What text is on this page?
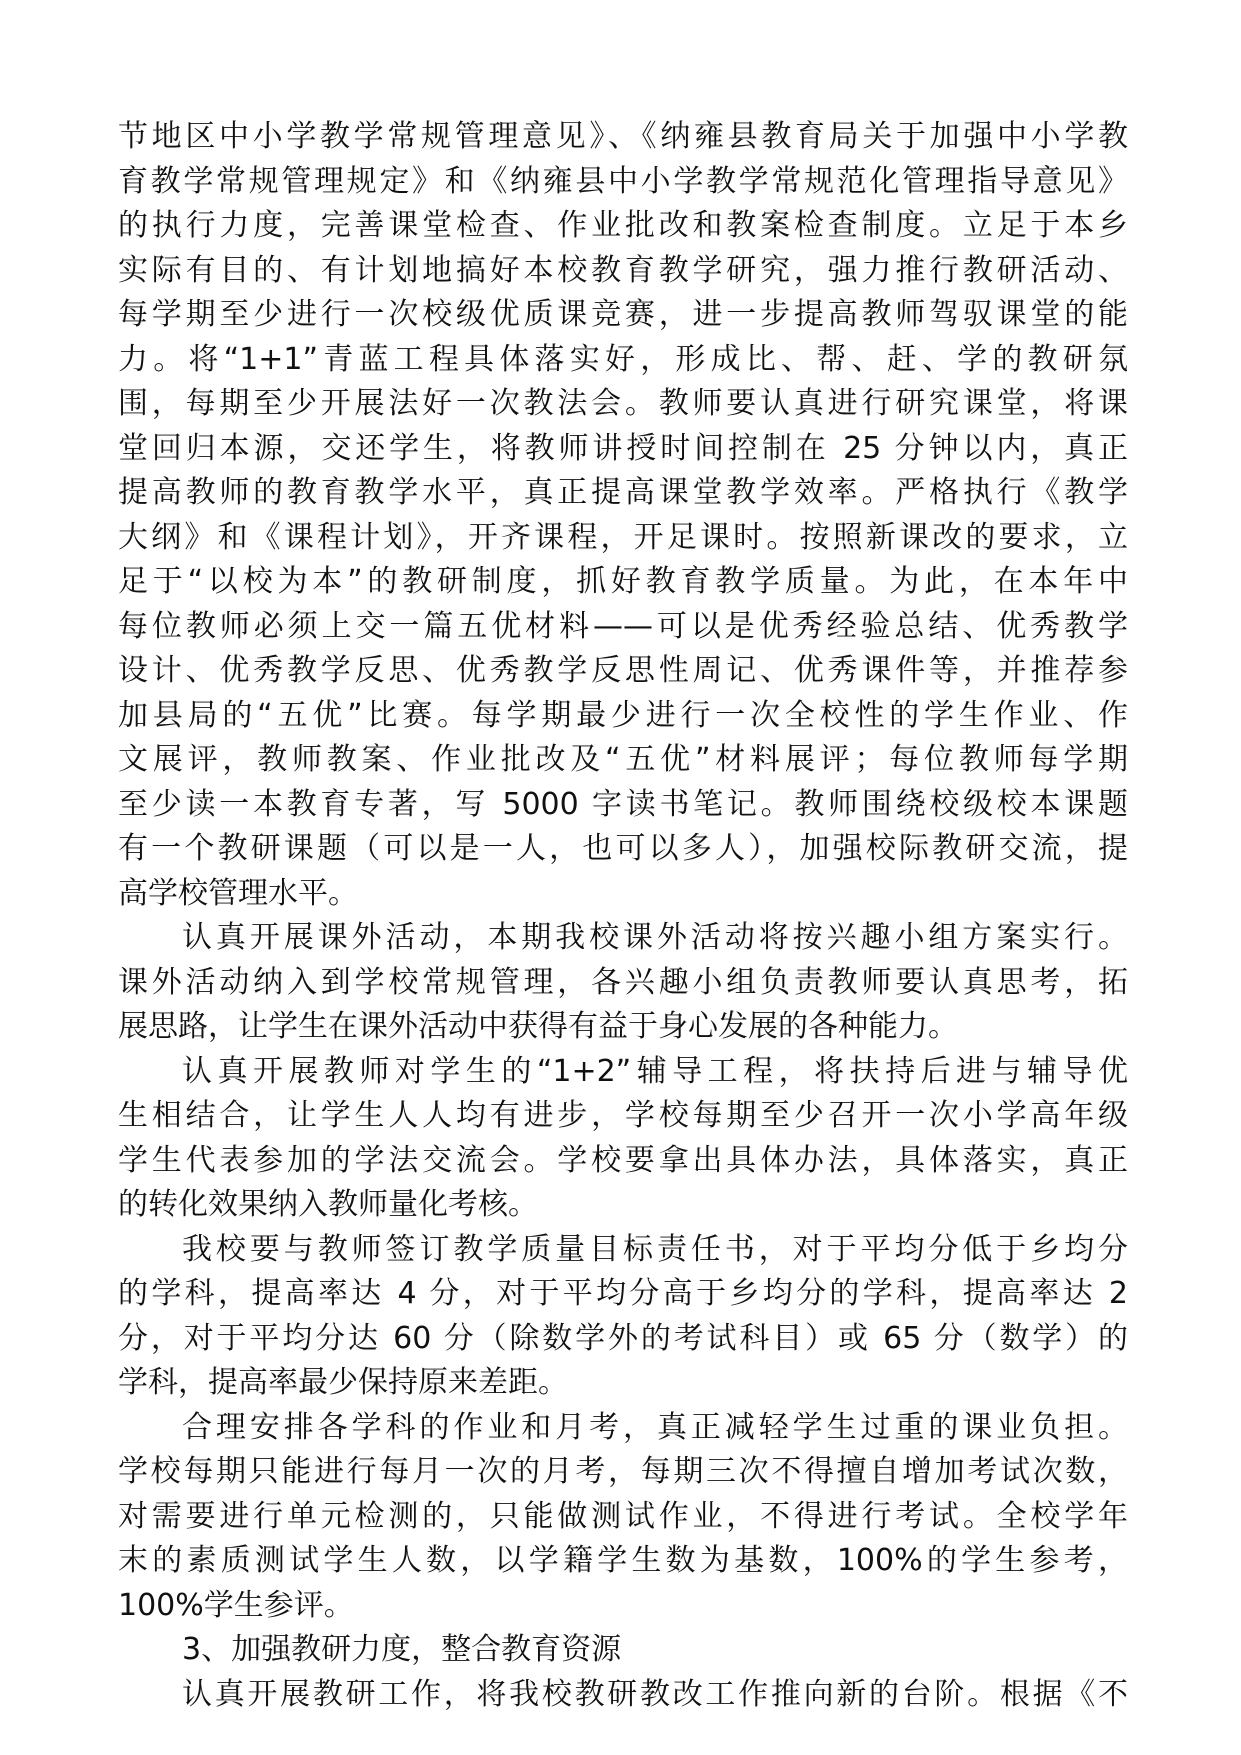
节地区中小学教学常规管理意见》、《纳雍县教育局关于加强中小学教
育教学常规管理规定》和《纳雍县中小学教学常规范化管理指导意见》
的执行力度，完善课堂检查、作业批改和教案检查制度。立足于本乡
实际有目的、有计划地搞好本校教育教学研究，强力推行教研活动、
每学期至少进行一次校级优质课竞赛，进一步提高教师驾驭课堂的能
力。将“1+1”青蓝工程具体落实好，形成比、帮、赶、学的教研氛
围，每期至少开展法好一次教法会。教师要认真进行研究课堂，将课
堂回归本源，交还学生，将教师讲授时间控制在 25 分钟以内，真正
提高教师的教育教学水平，真正提高课堂教学效率。严格执行《教学
大纲》和《课程计划》，开齐课程，开足课时。按照新课改的要求，立
足于“以校为本”的教研制度，抓好教育教学质量。为此，在本年中
每位教师必须上交一篇五优材料——可以是优秀经验总结、优秀教学
设计、优秀教学反思、优秀教学反思性周记、优秀课件等，并推荐参
加县局的“五优”比赛。每学期最少进行一次全校性的学生作业、作
文展评，教师教案、作业批改及“五优”材料展评；每位教师每学期
至少读一本教育专著，写 5000 字读书笔记。教师围绕校级校本课题
有一个教研课题（可以是一人，也可以多人），加强校际教研交流，提
高学校管理水平。
认真开展课外活动，本期我校课外活动将按兴趣小组方案实行。
课外活动纳入到学校常规管理，各兴趣小组负责教师要认真思考，拓
展思路，让学生在课外活动中获得有益于身心发展的各种能力。
认真开展教师对学生的“1+2”辅导工程，将扶持后进与辅导优
生相结合，让学生人人均有进步，学校每期至少召开一次小学高年级
学生代表参加的学法交流会。学校要拿出具体办法，具体落实，真正
的转化效果纳入教师量化考核。
我校要与教师签订教学质量目标责任书，对于平均分低于乡均分
的学科，提高率达 4 分，对于平均分高于乡均分的学科，提高率达 2
分，对于平均分达 60 分（除数学外的考试科目）或 65 分（数学）的
学科，提高率最少保持原来差距。
合理安排各学科的作业和月考，真正减轻学生过重的课业负担。
学校每期只能进行每月一次的月考，每期三次不得擅自增加考试次数，
对需要进行单元检测的，只能做测试作业，不得进行考试。全校学年
末的素质测试学生人数，以学籍学生数为基数，100%的学生参考，
100%学生参评。
3、加强教研力度，整合教育资源
认真开展教研工作，将我校教研教改工作推向新的台阶。根据《不
